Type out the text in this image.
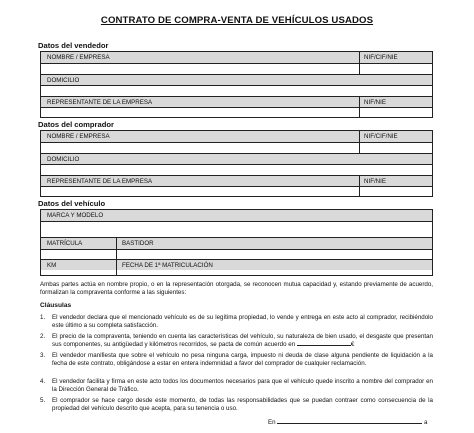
CONTRATO DE COMPRA-VENTA DE VEHÍCULOS USADOS
Datos del vendedor
NOMBRE / EMPRESA	NIF/CIF/NIE
DOMICILIO
REPRESENTANTE DE LA EMPRESA	NIF/NIE
Datos del comprador
NOMBRE / EMPRESA	NIF/CIF/NIE
DOMICILIO
REPRESENTANTE DE LA EMPRESA	NIF/NIE
Datos del vehículo
MARCA Y MODELO
MATRÍCULA	BASTIDOR
KM	FECHA DE 1ª MATRICULACIÓN
Ambas partes actúa en nombre propio, o en la representación otorgada, se reconocen mutua capacidad y, estando previamente de acuerdo, formalizan la compraventa conforme a las siguientes:
Cláusulas
1. El vendedor declara que el mencionado vehículo es de su legítima propiedad, lo vende y entrega en este acto al comprador, recibiéndolo este último a su completa satisfacción.
2. El precio de la compraventa, teniendo en cuenta las características del vehículo, su naturaleza de bien usado, el desgaste que presentan sus componentes, su antigüedad y kilómetros recorridos, se pacta de común acuerdo en	€
3. El vendedor manifiesta que sobre el vehículo no pesa ninguna carga, impuesto ni deuda de clase alguna pendiente de liquidación a la fecha de este contrato, obligándose a estar en entera indemnidad a favor del comprador de cualquier reclamación.
4. El vendedor facilita y firma en este acto todos los documentos necesarios para que el vehículo quede inscrito a nombre del comprador en la Dirección General de Tráfico.
5. El comprador se hace cargo desde este momento, de todas las responsabilidades que se puedan contraer como consecuencia de la propiedad del vehículo descrito que acepta, para su tenencia o uso.
En	a
